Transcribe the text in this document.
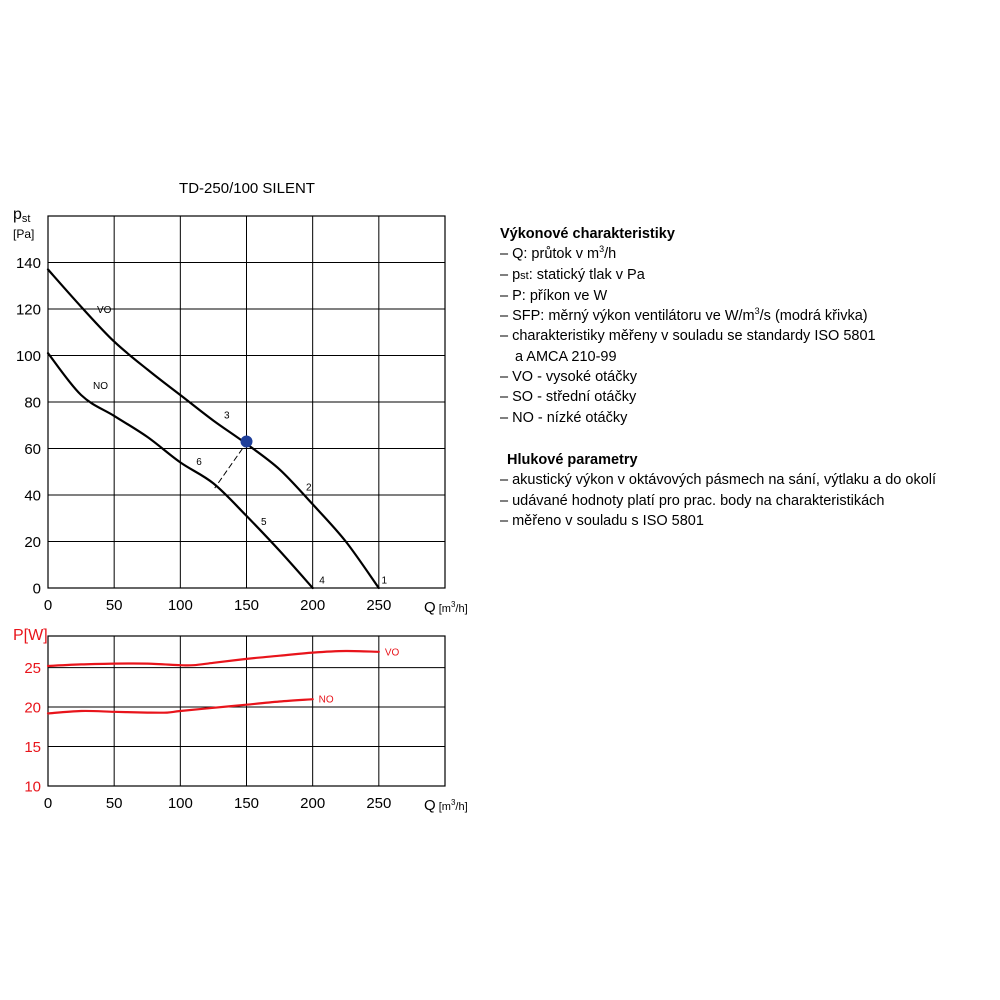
0
20
40
60
80
100
120
140
0	50	100	150	200	250 Q [$m^3_{/h]}$
VO
NO
TD-250/100 SILENT
pst
[Pa]
1
2
3
4
5
6
10
15
20
25
0	50	100	150	200	250 Q [$m^3_{/h]}$
VO
NO
P[W]
Výkonové charakteristiky
– Q: průtok v $m^3/h$
– pst: statický tlak v Pa
– P: příkon ve W
– SFP: měrný výkon ventilátoru ve $W/m^3/s$ (modrá křivka)
– charakteristiky měřeny v souladu se standardy ISO 5801
a AMCA 210-99
– VO - vysoké otáčky
– SO - střední otáčky
– NO - nízké otáčky
Hlukové parametry
– akustický výkon v oktávových pásmech na sání, výtlaku a do okolí
– udávané hodnoty platí pro prac. body na charakteristikách
– měřeno v souladu s ISO 5801
